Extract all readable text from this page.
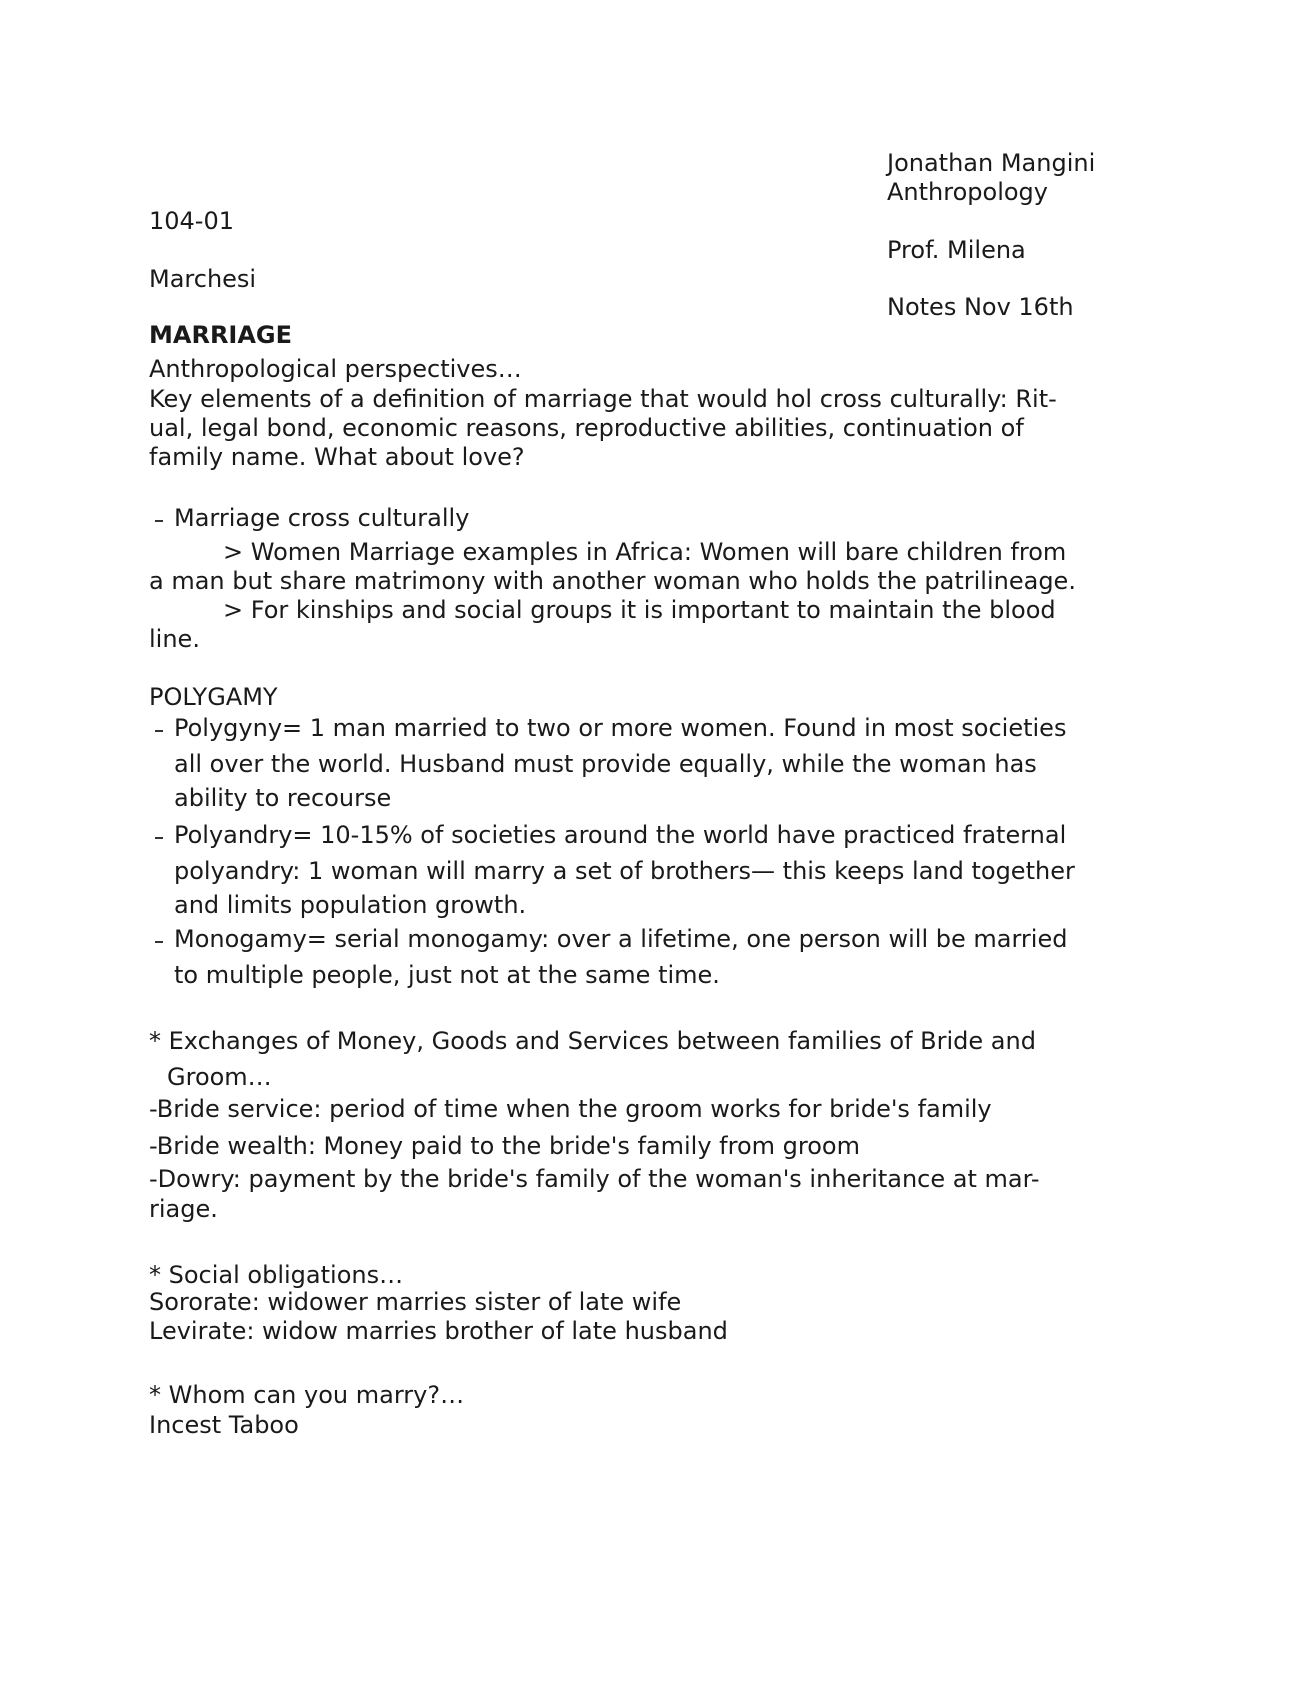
Jonathan Mangini
Anthropology
Prof. Milena
Notes Nov 16th
104-01
Marchesi
MARRIAGE
Anthropological perspectives…
Key elements of a definition of marriage that would hol cross culturally: Rit-
ual, legal bond, economic reasons, reproductive abilities, continuation of
family name. What about love?
Marriage cross culturally
> Women Marriage examples in Africa: Women will bare children from
a man but share matrimony with another woman who holds the patrilineage.
> For kinships and social groups it is important to maintain the blood
line.
POLYGAMY
Polygyny= 1 man married to two or more women. Found in most societies
all over the world. Husband must provide equally, while the woman has
ability to recourse
Polyandry= 10-15% of societies around the world have practiced fraternal
polyandry: 1 woman will marry a set of brothers— this keeps land together
and limits population growth.
Monogamy= serial monogamy: over a lifetime, one person will be married
to multiple people, just not at the same time.
* Exchanges of Money, Goods and Services between families of Bride and
Groom…
-Bride service: period of time when the groom works for bride's family
-Bride wealth: Money paid to the bride's family from groom
-Dowry: payment by the bride's family of the woman's inheritance at mar-
riage.
* Social obligations…
Sororate: widower marries sister of late wife
Levirate: widow marries brother of late husband
* Whom can you marry?…
Incest Taboo
